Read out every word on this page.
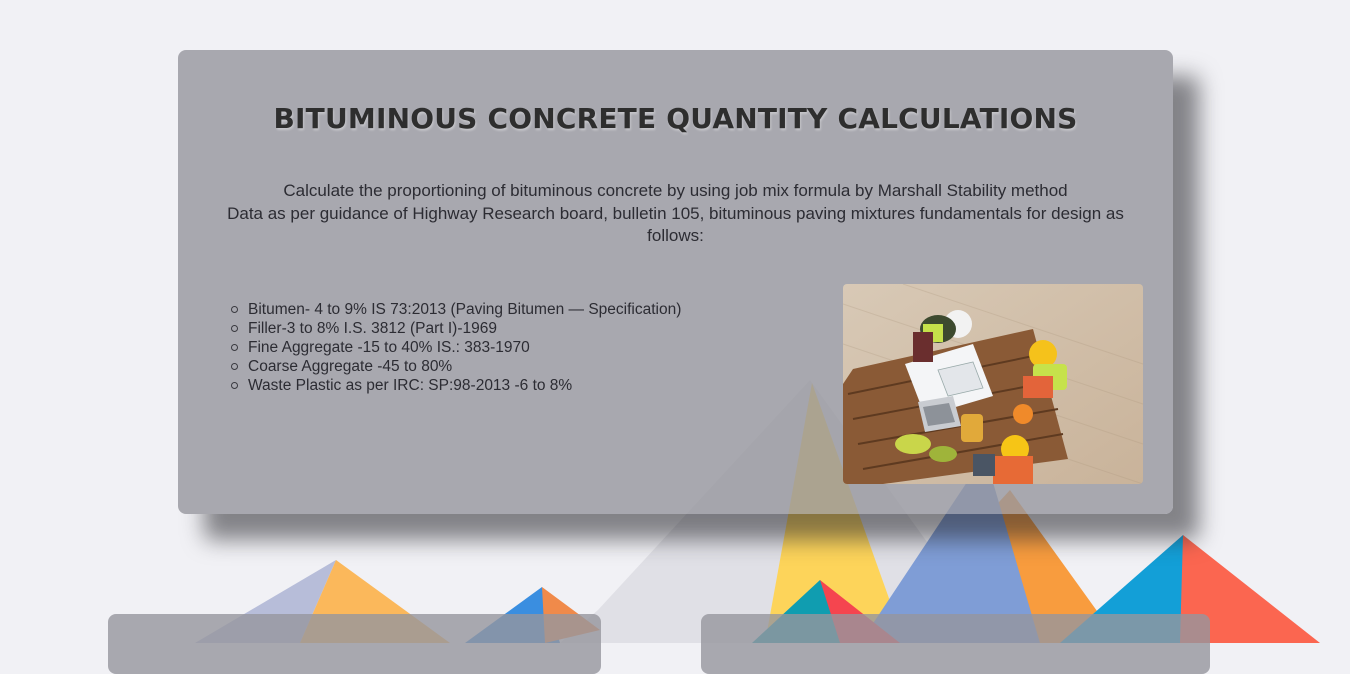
BITUMINOUS CONCRETE QUANTITY CALCULATIONS

Calculate the proportioning of bituminous concrete by using job mix formula by Marshall Stability method
Data as per guidance of Highway Research board, bulletin 105, bituminous paving mixtures fundamentals for design as follows:

Bitumen- 4 to 9% IS 73:2013 (Paving Bitumen — Specification)
Filler-3 to 8% I.S. 3812 (Part I)-1969
Fine Aggregate -15 to 40% IS.: 383-1970
Coarse Aggregate -45 to 80%
Waste Plastic as per IRC: SP:98-2013 -6 to 8%
